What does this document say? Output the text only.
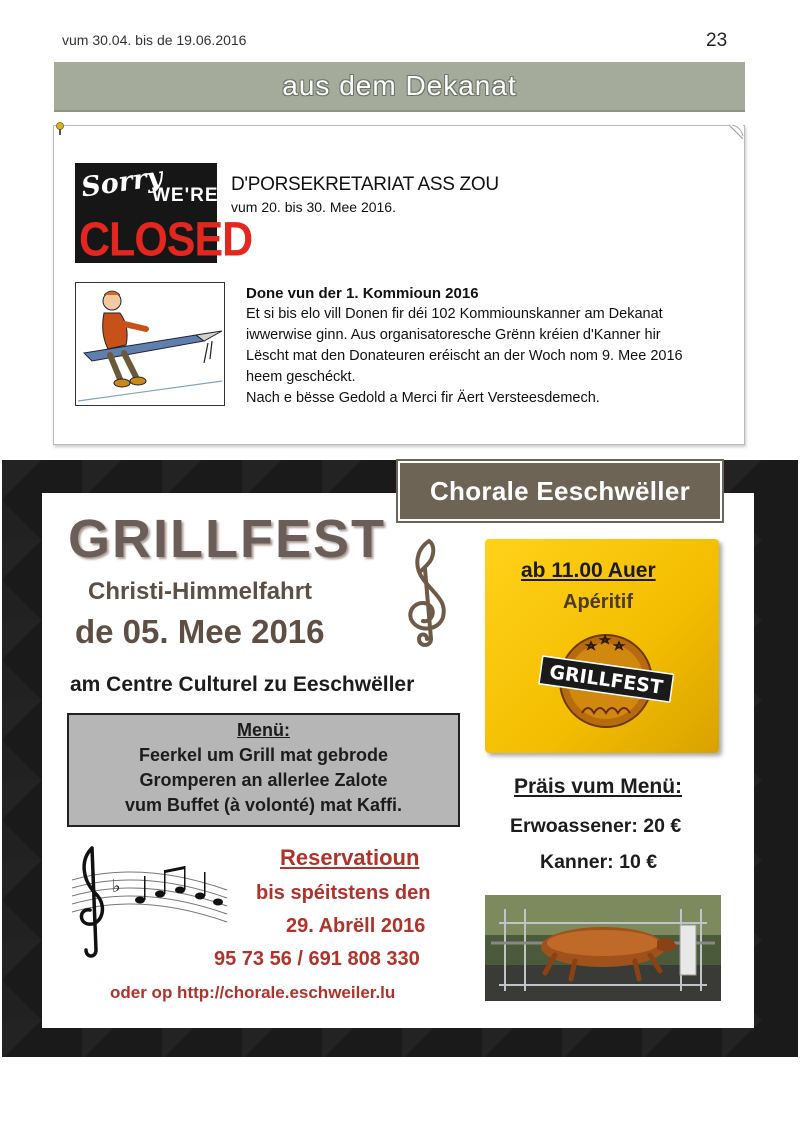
vum 30.04. bis de 19.06.2016	23
aus dem Dekanat
Sorry
WE'RE
CLOSED
D'PORSEKRETARIAT ASS ZOU
vum 20. bis 30. Mee 2016.
Done vun der 1. Kommioun 2016
Et si bis elo vill Donen fir déi 102 Kommiounskanner am Dekanat
iwwerwise ginn. Aus organisatoresche Grënn kréien d'Kanner hir
Lëscht mat den Donateuren eréischt an der Woch nom 9. Mee 2016
heem geschéckt.
Nach e bësse Gedold a Merci fir Äert Versteesdemech.
Chorale Eeschwëller
GRILLFEST
Christi-Himmelfahrt
de 05. Mee 2016
am Centre Culturel zu Eeschwëller
Menü:
Feerkel um Grill mat gebrode
Gromperen an allerlee Zalote
vum Buffet (à volonté) mat Kaffi.
♭
Reservatioun
bis spéitstens den
29. Abrëll 2016
95 73 56 / 691 808 330
oder op http://chorale.eschweiler.lu
ab 11.00 Auer
Apéritif
GRILLFEST
Präis vum Menü:
Erwoassener: 20 €
Kanner: 10 €
